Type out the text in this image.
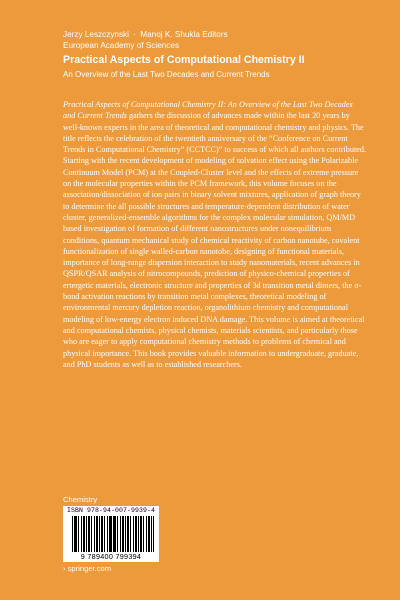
Jerzy Leszczynski · Manoj K. Shukla Editors
European Academy of Sciences
Practical Aspects of Computational Chemistry II
An Overview of the Last Two Decades and Current Trends

Practical Aspects of Computational Chemistry II: An Overview of the Last Two Decades and Current Trends gathers the discussion of advances made within the last 20 years by well-known experts in the area of theoretical and computational chemistry and physics. The title reflects the celebration of the twentieth anniversary of the “Conference on Current Trends in Computational Chemistry” (CCTCC)” to success of which all authors contributed. Starting with the recent development of modeling of solvation effect using the Polarizable Continuum Model (PCM) at the Coupled-Cluster level and the effects of extreme pressure on the molecular properties within the PCM framework, this volume focuses on the association/dissociation of ion pairs in binary solvent mixtures, application of graph theory to determine the all possible structures and temperature-dependent distribution of water cluster, generalized-ensemble algorithms for the complex molecular simulation, QM/MD based investigation of formation of different nanostructures under nonequilibrium conditions, quantum mechanical study of chemical reactivity of carbon nanotube, covalent functionalization of single walled-carbon nanotobe, designing of functional materials, importance of long-range dispersion interaction to study nanomaterials, recent advances in QSPR/QSAR analysis of nitrocompounds, prediction of physico-chemical properties of ertergetic materials, electronic structure and properties of 3d transition metal dimers, the σ-bond activation reactions by transition metal complexes, theoretical modeling of environmental mercury depletion reaction, organolithium chemistry and computational modeling of low-energy electron induced DNA damage. This volume is aimed at theoretical and computational chemists, physical chemists, materials scientists, and particularly those who are eager to apply computational chemistry methods to problems of chemical and physical importance. This book provides valuable information to undergraduate, graduate, and PhD students as well as to established researchers.

Chemistry
ISBN 978-94-007-9939-4
9 789400 799394
› springer.com
